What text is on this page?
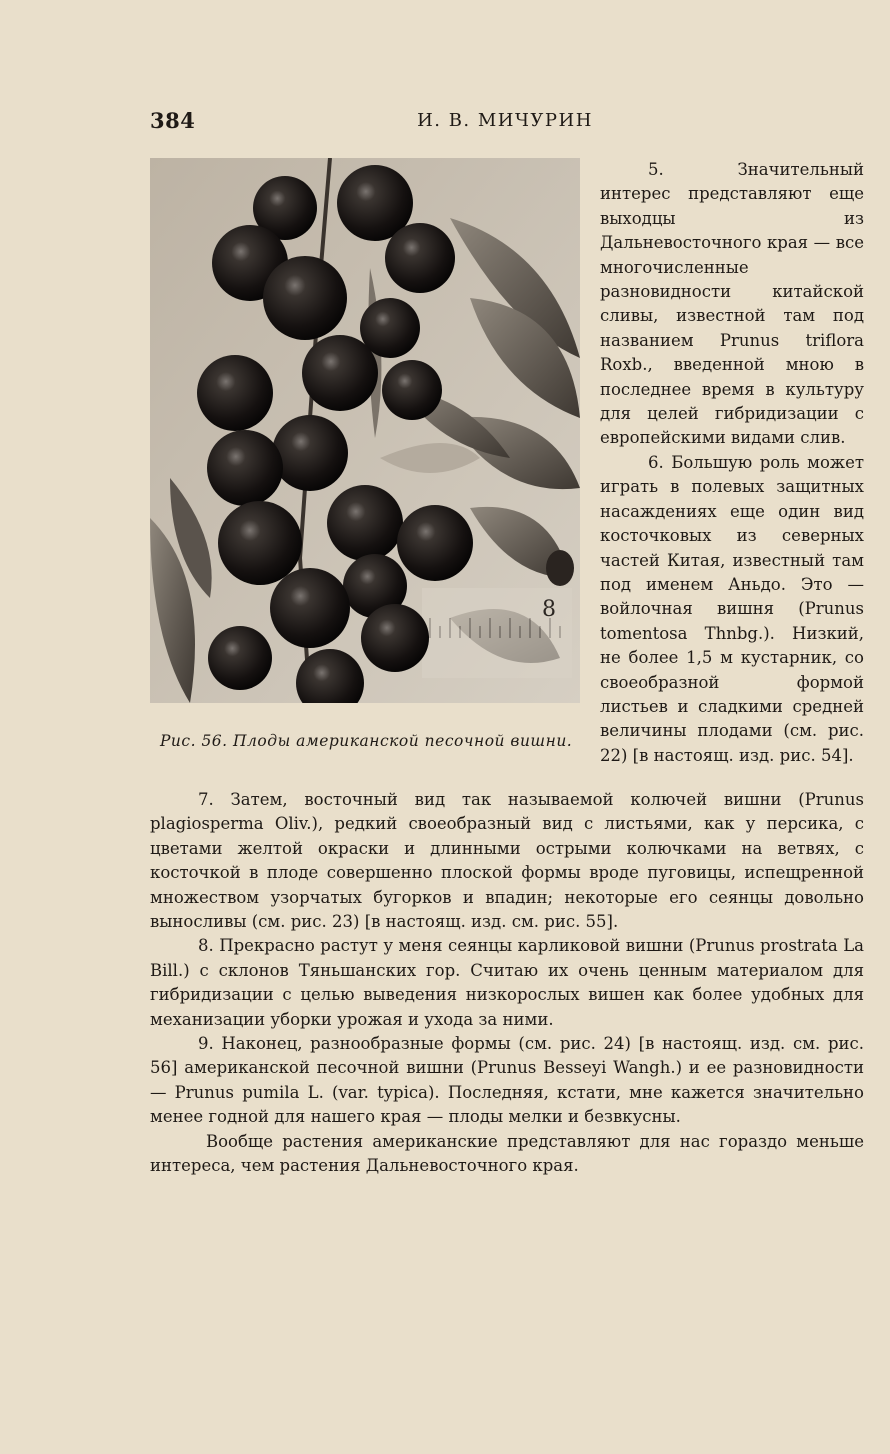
384	И. В. МИЧУРИН
8
Рис. 56. Плоды американской песочной вишни.

5. Значительный интерес представляют еще выходцы из Дальневосточного края — все многочисленные разновидности китайской сливы, известной там под названием Prunus triflora Roxb., введенной мною в последнее время в культуру для целей гибридизации с европейскими видами слив.

6. Большую роль может играть в полевых защитных насаждениях еще один вид косточковых из северных частей Китая, известный там под именем Аньдо. Это — войлочная вишня (Prunus tomentosa Thnbg.). Низкий, не более 1,5 м кустарник, со своеобразной формой листьев и сладкими средней величины плодами (см. рис. 22) [в настоящ. изд. рис. 54].

7. Затем, восточный вид так называемой колючей вишни (Prunus plagiosperma Oliv.), редкий своеобразный вид с листьями, как у персика, с цветами желтой окраски и длинными острыми колючками на ветвях, с косточкой в плоде совершенно плоской формы вроде пуговицы, испещренной множеством узорчатых бугорков и впадин; некоторые его сеянцы довольно выносливы (см. рис. 23) [в настоящ. изд. см. рис. 55].

8. Прекрасно растут у меня сеянцы карликовой вишни (Prunus prostrata La Bill.) с склонов Тяньшанских гор. Считаю их очень ценным материалом для гибридизации с целью выведения низкорослых вишен как более удобных для механизации уборки урожая и ухода за ними.

9. Наконец, разнообразные формы (см. рис. 24) [в настоящ. изд. см. рис. 56] американской песочной вишни (Prunus Besseyi Wangh.) и ее разновидности — Prunus pumila L. (var. typica). Последняя, кстати, мне кажется значительно менее годной для нашего края — плоды мелки и безвкусны.

Вообще растения американские представляют для нас гораздо меньше интереса, чем растения Дальневосточного края.
